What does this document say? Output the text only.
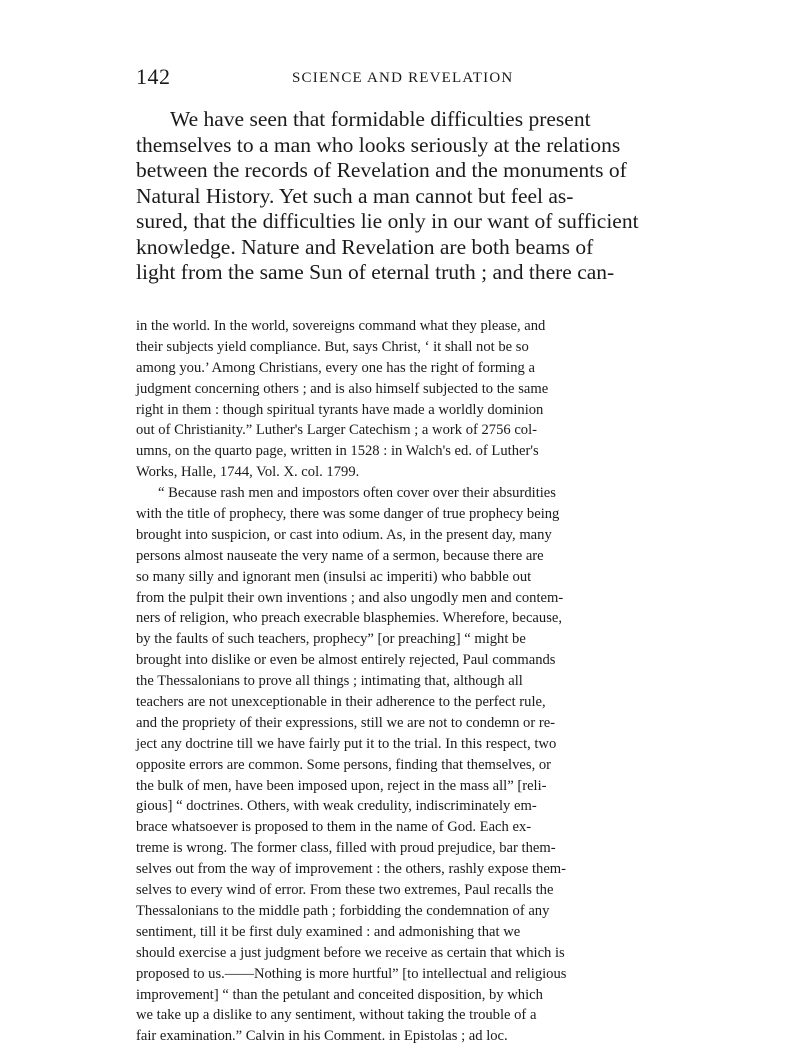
142	SCIENCE AND REVELATION
We have seen that formidable difficulties present
themselves to a man who looks seriously at the relations
between the records of Revelation and the monuments of
Natural History. Yet such a man cannot but feel as-
sured, that the difficulties lie only in our want of sufficient
knowledge. Nature and Revelation are both beams of
light from the same Sun of eternal truth ; and there can-
in the world. In the world, sovereigns command what they please, and
their subjects yield compliance. But, says Christ, ‘ it shall not be so
among you.’ Among Christians, every one has the right of forming a
judgment concerning others ; and is also himself subjected to the same
right in them : though spiritual tyrants have made a worldly dominion
out of Christianity.” Luther's Larger Catechism ; a work of 2756 col-
umns, on the quarto page, written in 1528 : in Walch's ed. of Luther's
Works, Halle, 1744, Vol. X. col. 1799.
“ Because rash men and impostors often cover over their absurdities
with the title of prophecy, there was some danger of true prophecy being
brought into suspicion, or cast into odium. As, in the present day, many
persons almost nauseate the very name of a sermon, because there are
so many silly and ignorant men (insulsi ac imperiti) who babble out
from the pulpit their own inventions ; and also ungodly men and contem-
ners of religion, who preach execrable blasphemies. Wherefore, because,
by the faults of such teachers, prophecy” [or preaching] “ might be
brought into dislike or even be almost entirely rejected, Paul commands
the Thessalonians to prove all things ; intimating that, although all
teachers are not unexceptionable in their adherence to the perfect rule,
and the propriety of their expressions, still we are not to condemn or re-
ject any doctrine till we have fairly put it to the trial. In this respect, two
opposite errors are common. Some persons, finding that themselves, or
the bulk of men, have been imposed upon, reject in the mass all” [reli-
gious] “ doctrines. Others, with weak credulity, indiscriminately em-
brace whatsoever is proposed to them in the name of God. Each ex-
treme is wrong. The former class, filled with proud prejudice, bar them-
selves out from the way of improvement : the others, rashly expose them-
selves to every wind of error. From these two extremes, Paul recalls the
Thessalonians to the middle path ; forbidding the condemnation of any
sentiment, till it be first duly examined : and admonishing that we
should exercise a just judgment before we receive as certain that which is
proposed to us.——Nothing is more hurtful” [to intellectual and religious
improvement] “ than the petulant and conceited disposition, by which
we take up a dislike to any sentiment, without taking the trouble of a
fair examination.” Calvin in his Comment. in Epistolas ; ad loc.
